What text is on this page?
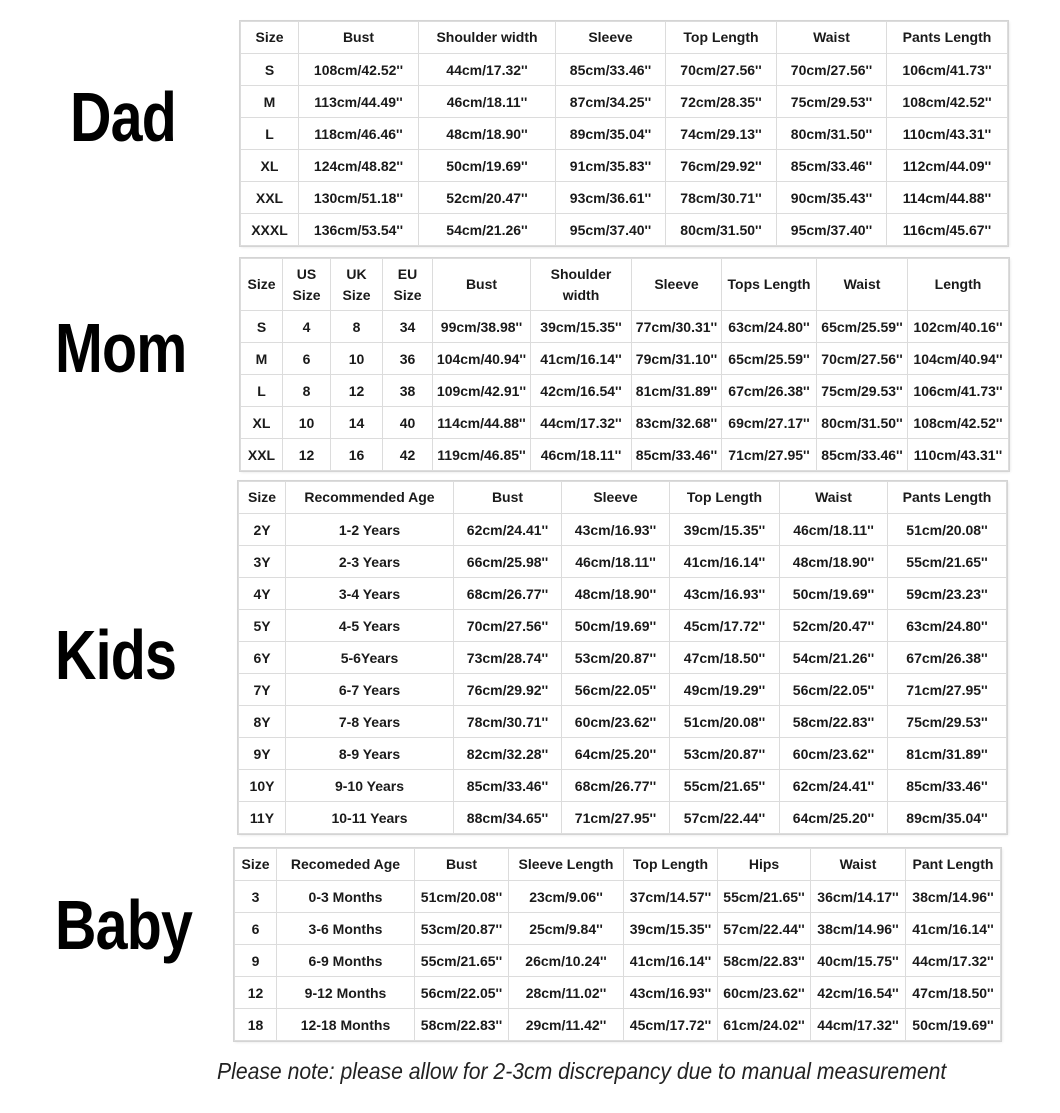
Dad
Size	Bust	Shoulder width	Sleeve	Top Length	Waist	Pants Length
S	108cm/42.52''	44cm/17.32''	85cm/33.46''	70cm/27.56''	70cm/27.56''	106cm/41.73''
M	113cm/44.49''	46cm/18.11''	87cm/34.25''	72cm/28.35''	75cm/29.53''	108cm/42.52''
L	118cm/46.46''	48cm/18.90''	89cm/35.04''	74cm/29.13''	80cm/31.50''	110cm/43.31''
XL	124cm/48.82''	50cm/19.69''	91cm/35.83''	76cm/29.92''	85cm/33.46''	112cm/44.09''
XXL	130cm/51.18''	52cm/20.47''	93cm/36.61''	78cm/30.71''	90cm/35.43''	114cm/44.88''
XXXL	136cm/53.54''	54cm/21.26''	95cm/37.40''	80cm/31.50''	95cm/37.40''	116cm/45.67''
Mom
Size	US Size	UK Size	EU Size	Bust	Shoulder width	Sleeve	Tops Length	Waist	Length
S	4	8	34	99cm/38.98''	39cm/15.35''	77cm/30.31''	63cm/24.80''	65cm/25.59''	102cm/40.16''
M	6	10	36	104cm/40.94''	41cm/16.14''	79cm/31.10''	65cm/25.59''	70cm/27.56''	104cm/40.94''
L	8	12	38	109cm/42.91''	42cm/16.54''	81cm/31.89''	67cm/26.38''	75cm/29.53''	106cm/41.73''
XL	10	14	40	114cm/44.88''	44cm/17.32''	83cm/32.68''	69cm/27.17''	80cm/31.50''	108cm/42.52''
XXL	12	16	42	119cm/46.85''	46cm/18.11''	85cm/33.46''	71cm/27.95''	85cm/33.46''	110cm/43.31''
Kids
Size	Recommended Age	Bust	Sleeve	Top Length	Waist	Pants Length
2Y	1-2 Years	62cm/24.41''	43cm/16.93''	39cm/15.35''	46cm/18.11''	51cm/20.08''
3Y	2-3 Years	66cm/25.98''	46cm/18.11''	41cm/16.14''	48cm/18.90''	55cm/21.65''
4Y	3-4 Years	68cm/26.77''	48cm/18.90''	43cm/16.93''	50cm/19.69''	59cm/23.23''
5Y	4-5 Years	70cm/27.56''	50cm/19.69''	45cm/17.72''	52cm/20.47''	63cm/24.80''
6Y	5-6Years	73cm/28.74''	53cm/20.87''	47cm/18.50''	54cm/21.26''	67cm/26.38''
7Y	6-7 Years	76cm/29.92''	56cm/22.05''	49cm/19.29''	56cm/22.05''	71cm/27.95''
8Y	7-8 Years	78cm/30.71''	60cm/23.62''	51cm/20.08''	58cm/22.83''	75cm/29.53''
9Y	8-9 Years	82cm/32.28''	64cm/25.20''	53cm/20.87''	60cm/23.62''	81cm/31.89''
10Y	9-10 Years	85cm/33.46''	68cm/26.77''	55cm/21.65''	62cm/24.41''	85cm/33.46''
11Y	10-11 Years	88cm/34.65''	71cm/27.95''	57cm/22.44''	64cm/25.20''	89cm/35.04''
Baby
Size	Recomeded Age	Bust	Sleeve Length	Top Length	Hips	Waist	Pant Length
3	0-3 Months	51cm/20.08''	23cm/9.06''	37cm/14.57''	55cm/21.65''	36cm/14.17''	38cm/14.96''
6	3-6 Months	53cm/20.87''	25cm/9.84''	39cm/15.35''	57cm/22.44''	38cm/14.96''	41cm/16.14''
9	6-9 Months	55cm/21.65''	26cm/10.24''	41cm/16.14''	58cm/22.83''	40cm/15.75''	44cm/17.32''
12	9-12 Months	56cm/22.05''	28cm/11.02''	43cm/16.93''	60cm/23.62''	42cm/16.54''	47cm/18.50''
18	12-18 Months	58cm/22.83''	29cm/11.42''	45cm/17.72''	61cm/24.02''	44cm/17.32''	50cm/19.69''
Please note: please allow for 2-3cm discrepancy due to manual measurement
